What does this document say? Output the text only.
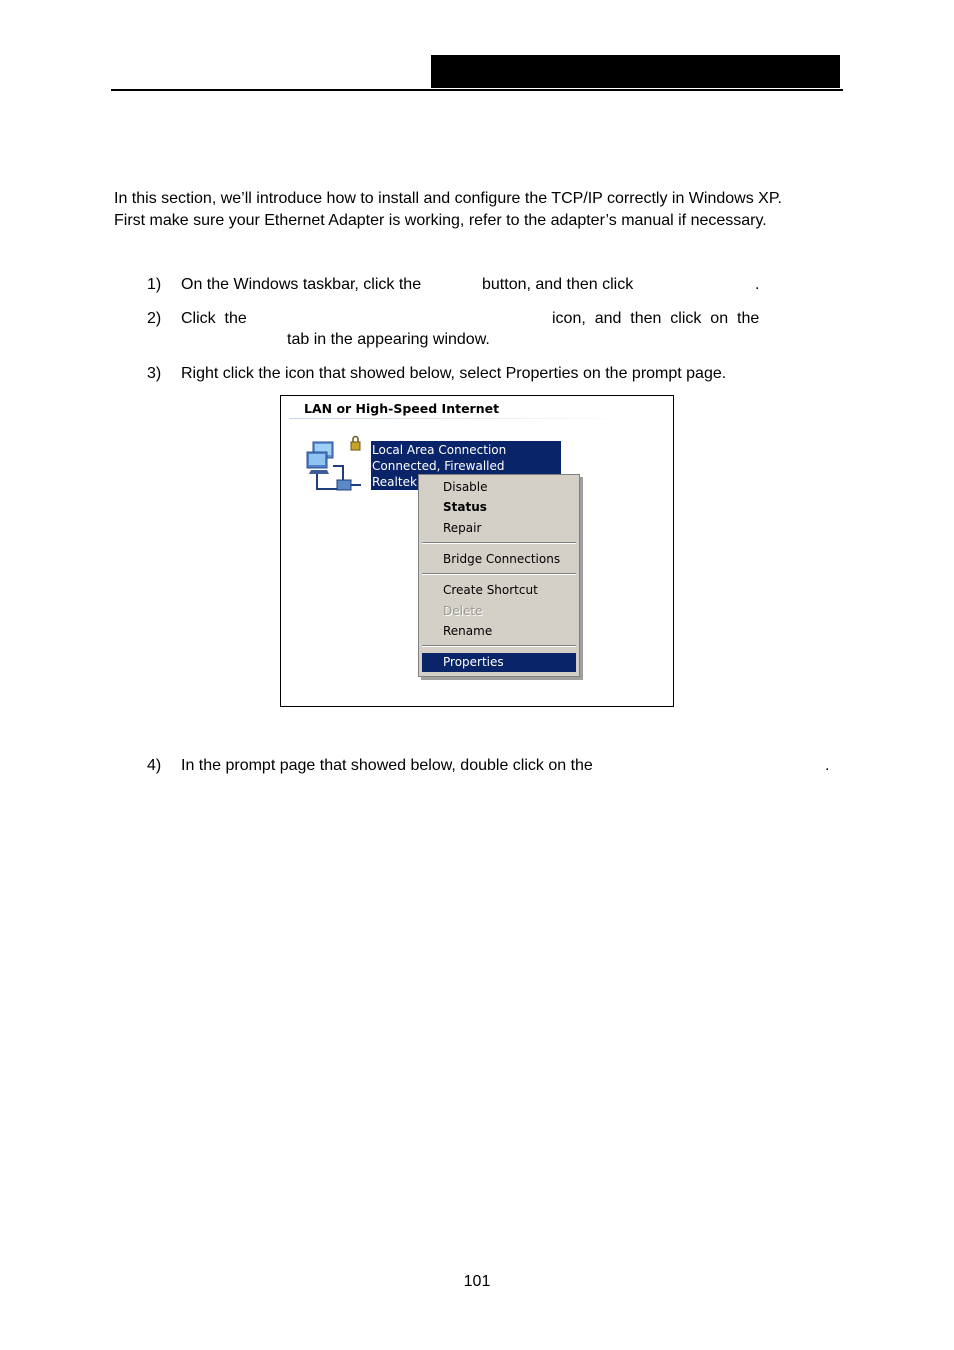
In this section, we’ll introduce how to install and configure the TCP/IP correctly in Windows XP.

First make sure your Ethernet Adapter is working, refer to the adapter’s manual if necessary.

1) On the Windows taskbar, click the	button, and then click	.
2) Click  the	icon,  and  then  click  on  the
tab in the appearing window.
3) Right click the icon that showed below, select Properties on the prompt page.
LAN or High-Speed Internet
Local Area Connection
Connected, Firewalled
Realtek	Disable
Status
Repair
Bridge Connections
Create Shortcut
Delete
Rename
Properties
4) In the prompt page that showed below, double click on the	.
101
